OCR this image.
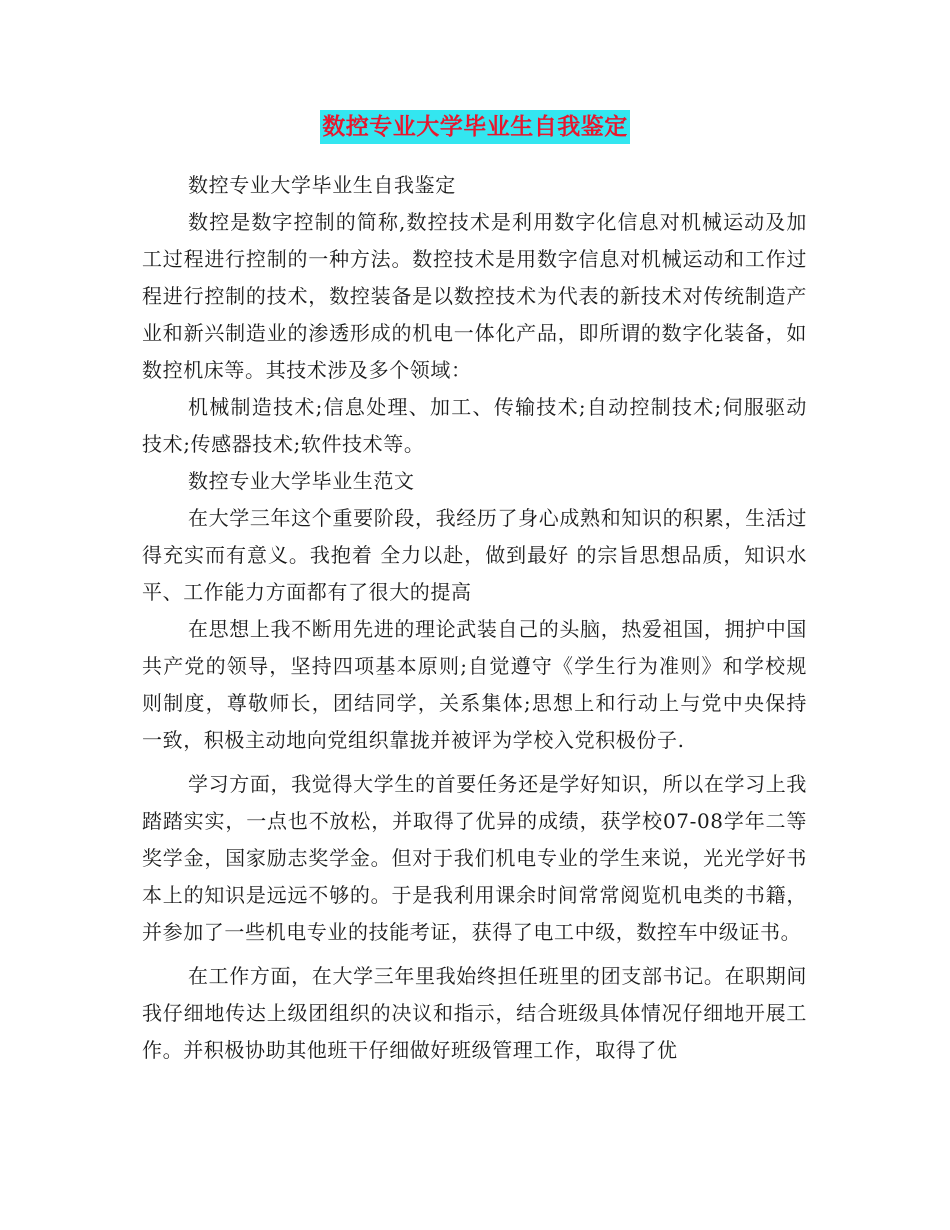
数控专业大学毕业生自我鉴定

数控专业大学毕业生自我鉴定

数控是数字控制的简称,数控技术是利用数字化信息对机械运动及加工过程进行控制的一种方法。数控技术是用数字信息对机械运动和工作过程进行控制的技术，数控装备是以数控技术为代表的新技术对传统制造产业和新兴制造业的渗透形成的机电一体化产品，即所谓的数字化装备，如数控机床等。其技术涉及多个领域：

机械制造技术;信息处理、加工、传输技术;自动控制技术;伺服驱动技术;传感器技术;软件技术等。

数控专业大学毕业生范文

在大学三年这个重要阶段，我经历了身心成熟和知识的积累，生活过得充实而有意义。我抱着 全力以赴，做到最好 的宗旨思想品质，知识水平、工作能力方面都有了很大的提高

在思想上我不断用先进的理论武装自己的头脑，热爱祖国，拥护中国共产党的领导，坚持四项基本原则;自觉遵守《学生行为准则》和学校规则制度，尊敬师长，团结同学，关系集体;思想上和行动上与党中央保持一致，积极主动地向党组织靠拢并被评为学校入党积极份子.

学习方面，我觉得大学生的首要任务还是学好知识，所以在学习上我踏踏实实，一点也不放松，并取得了优异的成绩，获学校07-08学年二等奖学金，国家励志奖学金。但对于我们机电专业的学生来说，光光学好书本上的知识是远远不够的。于是我利用课余时间常常阅览机电类的书籍，并参加了一些机电专业的技能考证，获得了电工中级，数控车中级证书。

在工作方面，在大学三年里我始终担任班里的团支部书记。在职期间我仔细地传达上级团组织的决议和指示，结合班级具体情况仔细地开展工作。并积极协助其他班干仔细做好班级管理工作，取得了优
